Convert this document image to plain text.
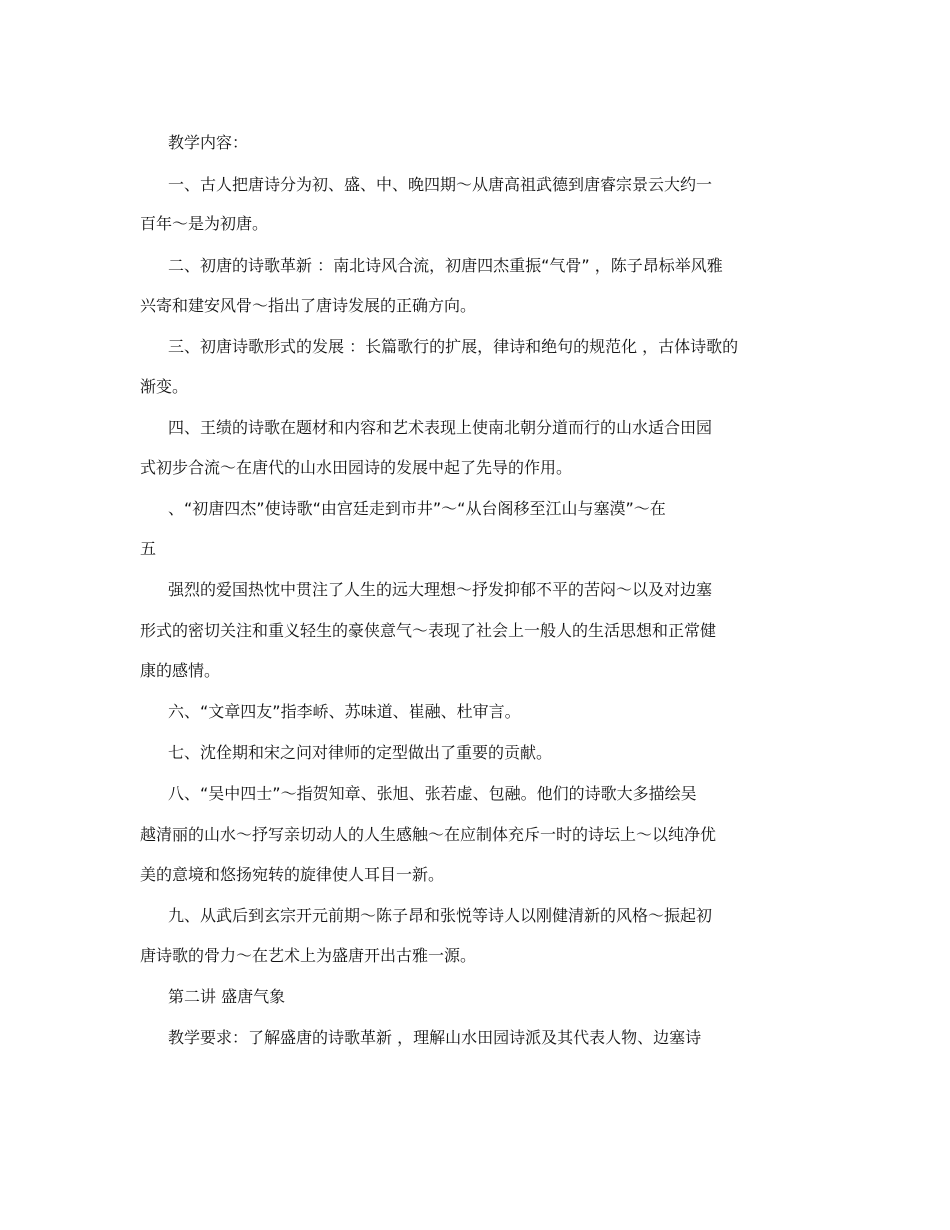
教学内容：
一、古人把唐诗分为初、盛、中、晚四期～从唐高祖武德到唐睿宗景云大约一
百年～是为初唐。
二、初唐的诗歌革新 ：南北诗风合流，初唐四杰重振“气骨” ，陈子昂标举风雅
兴寄和建安风骨～指出了唐诗发展的正确方向。
三、初唐诗歌形式的发展 ：长篇歌行的扩展，律诗和绝句的规范化 ，古体诗歌的
渐变。
四、王绩的诗歌在题材和内容和艺术表现上使南北朝分道而行的山水适合田园
式初步合流～在唐代的山水田园诗的发展中起了先导的作用。
、“初唐四杰”使诗歌“由宫廷走到市井”～“从台阁移至江山与塞漠”～在
五
强烈的爱国热忱中贯注了人生的远大理想～抒发抑郁不平的苦闷～以及对边塞
形式的密切关注和重义轻生的豪侠意气～表现了社会上一般人的生活思想和正常健
康的感情。
六、“文章四友”指李峤、苏味道、崔融、杜审言。
七、沈佺期和宋之问对律师的定型做出了重要的贡献。
八、“吴中四士”～指贺知章、张旭、张若虚、包融。他们的诗歌大多描绘吴
越清丽的山水～抒写亲切动人的人生感触～在应制体充斥一时的诗坛上～以纯净优
美的意境和悠扬宛转的旋律使人耳目一新。
九、从武后到玄宗开元前期～陈子昂和张悦等诗人以刚健清新的风格～振起初
唐诗歌的骨力～在艺术上为盛唐开出古雅一源。
第二讲 盛唐气象
教学要求：了解盛唐的诗歌革新 ，理解山水田园诗派及其代表人物、边塞诗
